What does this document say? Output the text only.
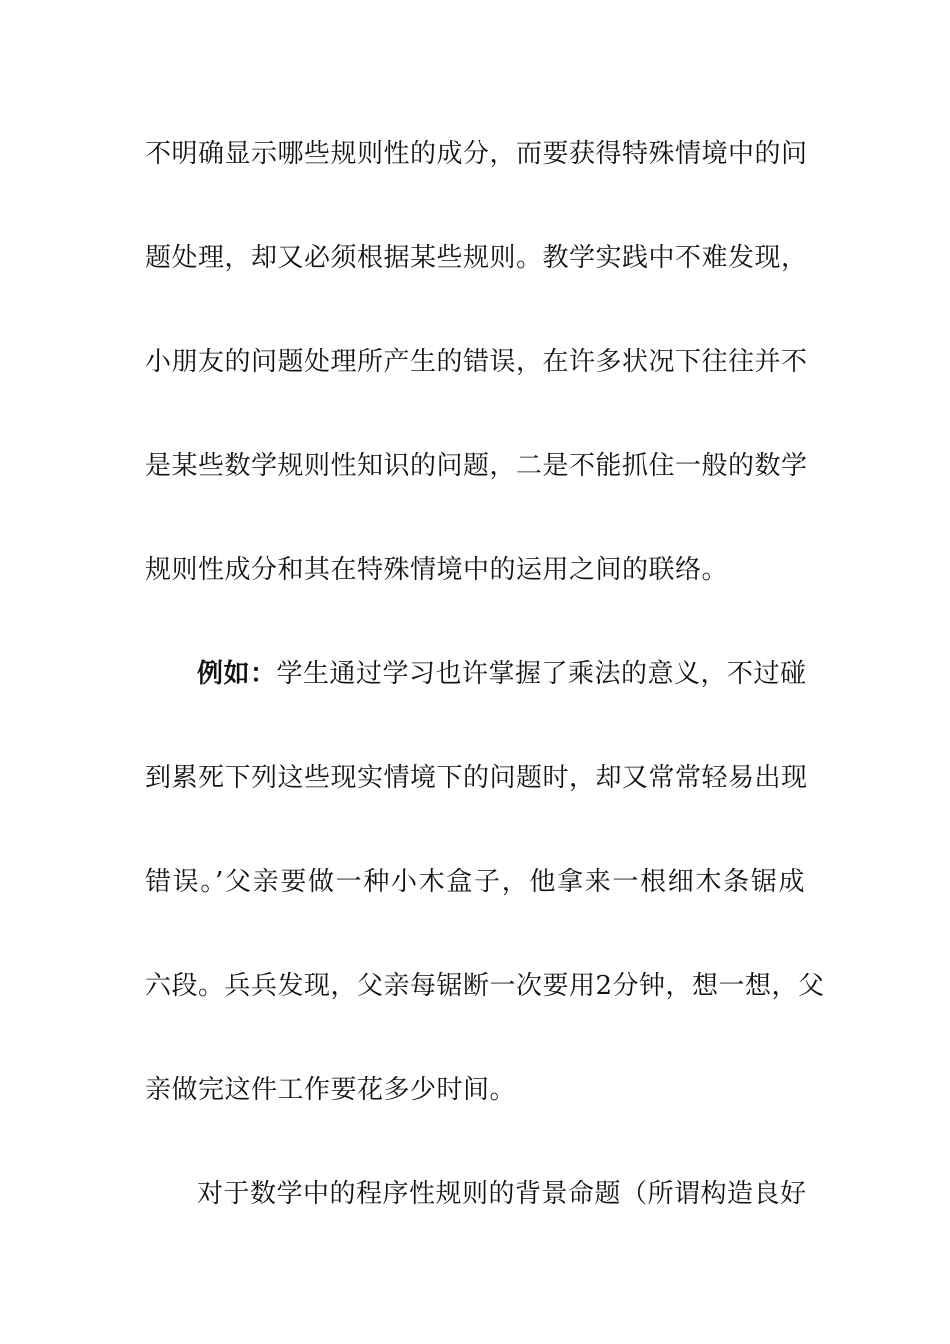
不明确显示哪些规则性的成分，而要获得特殊情境中的问
题处理，却又必须根据某些规则。教学实践中不难发现，
小朋友的问题处理所产生的错误，在许多状况下往往并不
是某些数学规则性知识的问题，二是不能抓住一般的数学
规则性成分和其在特殊情境中的运用之间的联络。
例如：学生通过学习也许掌握了乘法的意义，不过碰
到累死下列这些现实情境下的问题时，却又常常轻易出现
错误。’父亲要做一种小木盒子，他拿来一根细木条锯成
六段。兵兵发现，父亲每锯断一次要用2分钟，想一想，父
亲做完这件工作要花多少时间。
对于数学中的程序性规则的背景命题（所谓构造良好
